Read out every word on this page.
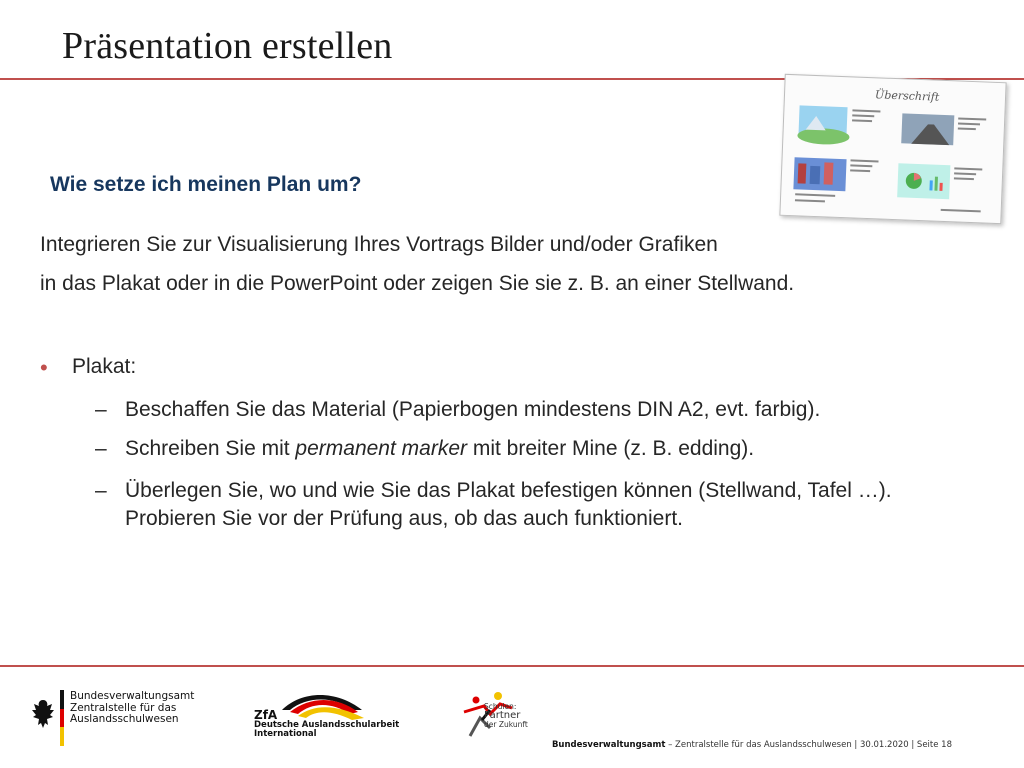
Präsentation erstellen
Überschrift
Wie setze ich meinen Plan um?
Integrieren Sie zur Visualisierung Ihres Vortrags Bilder und/oder Grafiken
in das Plakat oder in die PowerPoint oder zeigen Sie sie z. B. an einer Stellwand.
• Plakat:
– Beschaffen Sie das Material (Papierbogen mindestens DIN A2, evt. farbig).
– Schreiben Sie mit permanent marker mit breiter Mine (z. B. edding).
– Überlegen Sie, wo und wie Sie das Plakat befestigen können (Stellwand, Tafel …). Probieren Sie vor der Prüfung aus, ob das auch funktioniert.
Bundesverwaltungsamt
Zentralstelle für das
Auslandsschulwesen	ZfA
Deutsche Auslandsschularbeit
International
Schulen:
Partner
der Zukunft
Bundesverwaltungsamt – Zentralstelle für das Auslandsschulwesen | 30.01.2020 | Seite 18
